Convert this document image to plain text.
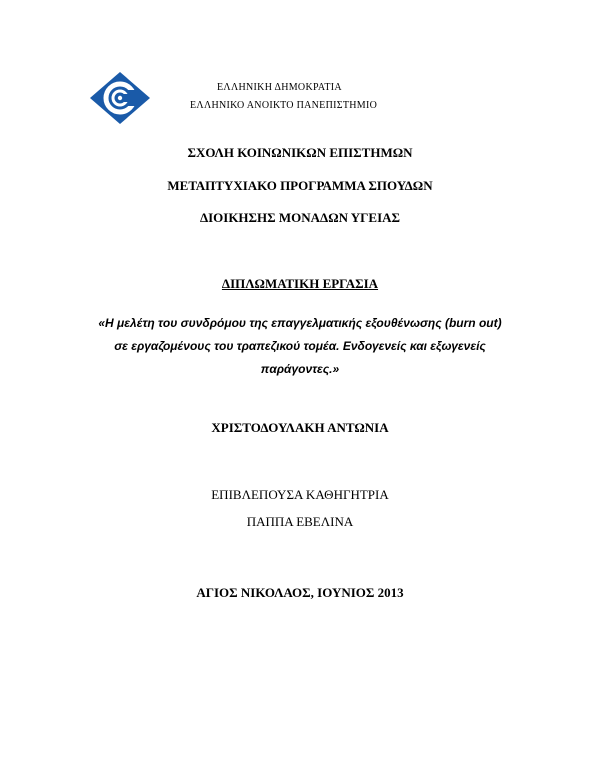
ΕΛΛΗΝΙΚΗ ΔΗΜΟΚΡΑΤΙΑ
ΕΛΛΗΝΙΚΟ ΑΝΟΙΚΤΟ ΠΑΝΕΠΙΣΤΗΜΙΟ
ΣΧΟΛΗ ΚΟΙΝΩΝΙΚΩΝ ΕΠΙΣΤΗΜΩΝ
ΜΕΤΑΠΤΥΧΙΑΚΟ ΠΡΟΓΡΑΜΜΑ ΣΠΟΥΔΩΝ
ΔΙΟΙΚΗΣΗΣ ΜΟΝΑΔΩΝ ΥΓΕΙΑΣ
ΔΙΠΛΩΜΑΤΙΚΗ ΕΡΓΑΣΙΑ
«Η μελέτη του συνδρόμου της επαγγελματικής εξουθένωσης (burn out)
σε εργαζομένους του τραπεζικού τομέα. Ενδογενείς και εξωγενείς
παράγοντες.»
ΧΡΙΣΤΟΔΟΥΛΑΚΗ ΑΝΤΩΝΙΑ
ΕΠΙΒΛΕΠΟΥΣΑ ΚΑΘΗΓΗΤΡΙΑ
ΠΑΠΠΑ ΕΒΕΛΙΝΑ
ΑΓΙΟΣ ΝΙΚΟΛΑΟΣ, ΙΟΥΝΙΟΣ 2013
